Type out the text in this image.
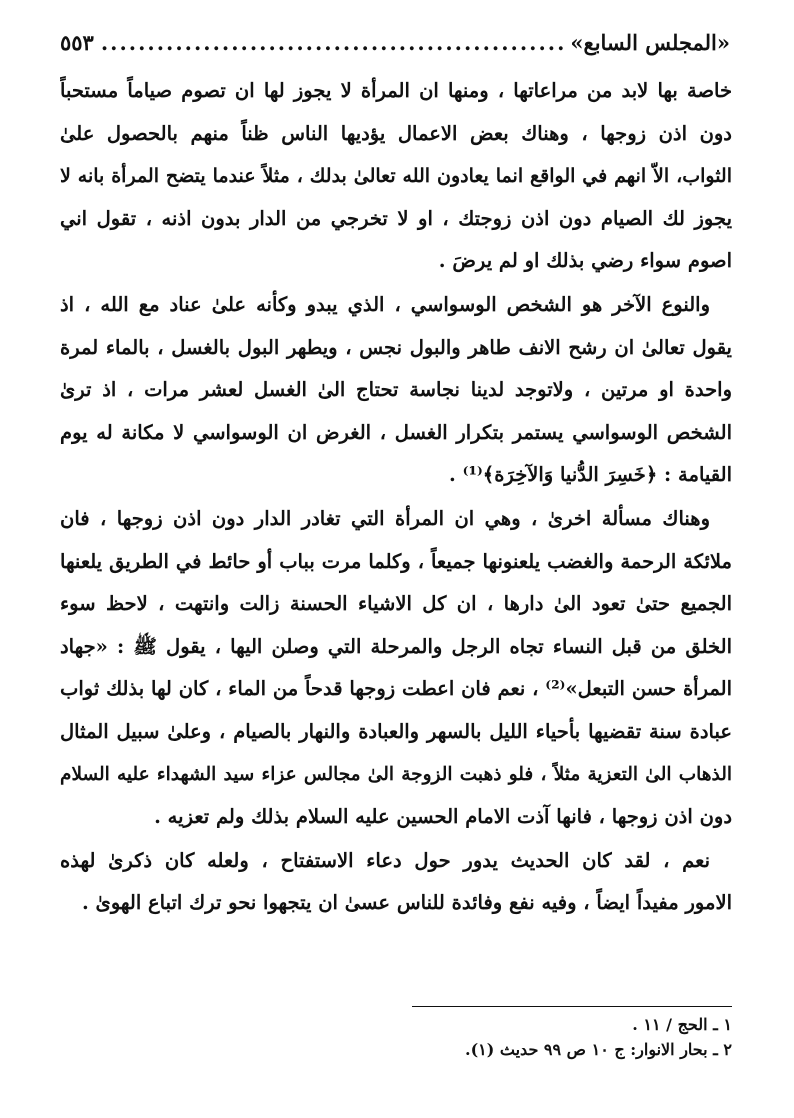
«المجلس السابع»
.....
٥٥٣
خاصة بها لابد من مراعاتها ، ومنها ان المرأة لا يجوز لها ان تصوم صياماً مستحباً
دون اذن زوجها ، وهناك بعض الاعمال يؤديها الناس ظناً منهم بالحصول علىٰ
الثواب، الاّ انهم في الواقع انما يعادون الله تعالىٰ بدلك ، مثلاً عندما يتضح المرأة بانه لا
يجوز لك الصيام دون اذن زوجتك ، او لا تخرجي من الدار بدون اذنه ، تقول اني
اصوم سواء رضي بذلك او لم يرضَ .
والنوع الآخر هو الشخص الوسواسي ، الذي يبدو وكأنه علىٰ عناد مع الله ، اذ
يقول تعالىٰ ان رشح الانف طاهر والبول نجس ، ويطهر البول بالغسل ، بالماء لمرة
واحدة او مرتين ، ولاتوجد لدينا نجاسة تحتاج الىٰ الغسل لعشر مرات ، اذ ترىٰ
الشخص الوسواسي يستمر بتكرار الغسل ، الغرض ان الوسواسي لا مكانة له يوم
القيامة : ﴿خَسِرَ الدُّنيا وَالآخِرَة﴾⁽¹⁾ .
وهناك مسألة اخرىٰ ، وهي ان المرأة التي تغادر الدار دون اذن زوجها ، فان
ملائكة الرحمة والغضب يلعنونها جميعاً ، وكلما مرت بباب أو حائط في الطريق يلعنها
الجميع حتىٰ تعود الىٰ دارها ، ان كل الاشياء الحسنة زالت وانتهت ، لاحظ سوء
الخلق من قبل النساء تجاه الرجل والمرحلة التي وصلن اليها ، يقول ﷺ : «جهاد
المرأة حسن التبعل»⁽²⁾ ، نعم فان اعطت زوجها قدحاً من الماء ، كان لها بذلك ثواب
عبادة سنة تقضيها بأحياء الليل بالسهر والعبادة والنهار بالصيام ، وعلىٰ سبيل المثال
الذهاب الىٰ التعزية مثلاً ، فلو ذهبت الزوجة الىٰ مجالس عزاء سيد الشهداء عليه السلام
دون اذن زوجها ، فانها آذت الامام الحسين عليه السلام بذلك ولم تعزيه .
نعم ، لقد كان الحديث يدور حول دعاء الاستفتاح ، ولعله كان ذكرىٰ لهذه
الامور مفيداً ايضاً ، وفيه نفع وفائدة للناس عسىٰ ان يتجهوا نحو ترك اتباع الهوىٰ .
١ ـ الحج / ١١ .
٢ ـ بحار الانوار: ج ١٠ ص ٩٩ حديث (١).
